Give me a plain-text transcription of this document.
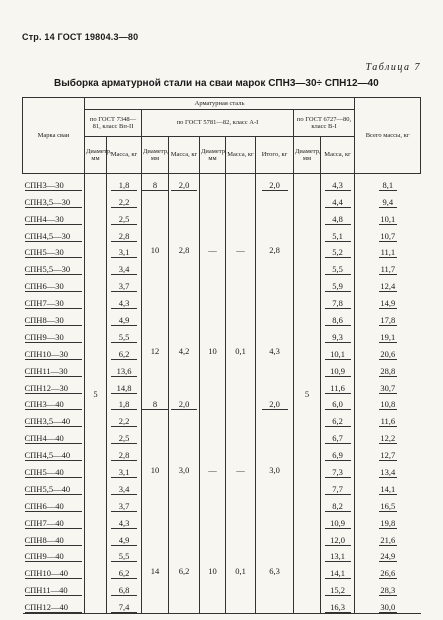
Стр. 14 ГОСТ 19804.3—80
Таблица 7
Выборка арматурной стали на сваи марок СПН3—30÷ СПН12—40
Марка сваи	Арматурная сталь									Всего массы, кг
	по ГОСТ 7348—81, класс Вп-II		по ГОСТ 5781—82, класс А-I					по ГОСТ 6727—80, класс В-I		
	Диаметр, мм	Масса, кг	Диаметр, мм	Масса, кг	Диаметр, мм	Масса, кг	Итого, кг	Диаметр, мм	Масса, кг	
СПН3—30	5	1,8	8	2,0			2,0	5	4,3	8,1
СПН3,5—30		2,2	10	2,8	—	—	2,8		4,4	9,4
СПН4—30		2,5							4,8	10,1
СПН4,5—30		2,8							5,1	10,7
СПН5—30		3,1							5,2	11,1
СПН5,5—30		3,4							5,5	11,7
СПН6—30		3,7							5,9	12,4
СПН7—30		4,3							7,8	14,9
СПН8—30		4,9	12	4,2	10	0,1	4,3		8,6	17,8
СПН9—30		5,5							9,3	19,1
СПН10—30		6,2							10,1	20,6
СПН11—30		13,6							10,9	28,8
СПН12—30		14,8							11,6	30,7
СПН3—40		1,8	8	2,0			2,0		6,0	10,8
СПН3,5—40		2,2	10	3,0	—	—	3,0		6,2	11,6
СПН4—40		2,5							6,7	12,2
СПН4,5—40		2,8							6,9	12,7
СПН5—40		3,1							7,3	13,4
СПН5,5—40		3,4							7,7	14,1
СПН6—40		3,7							8,2	16,5
СПН7—40		4,3							10,9	19,8
СПН8—40		4,9	14	6,2	10	0,1	6,3		12,0	21,6
СПН9—40		5,5							13,1	24,9
СПН10—40		6,2							14,1	26,6
СПН11—40		6,8							15,2	28,3
СПН12—40		7,4							16,3	30,0
